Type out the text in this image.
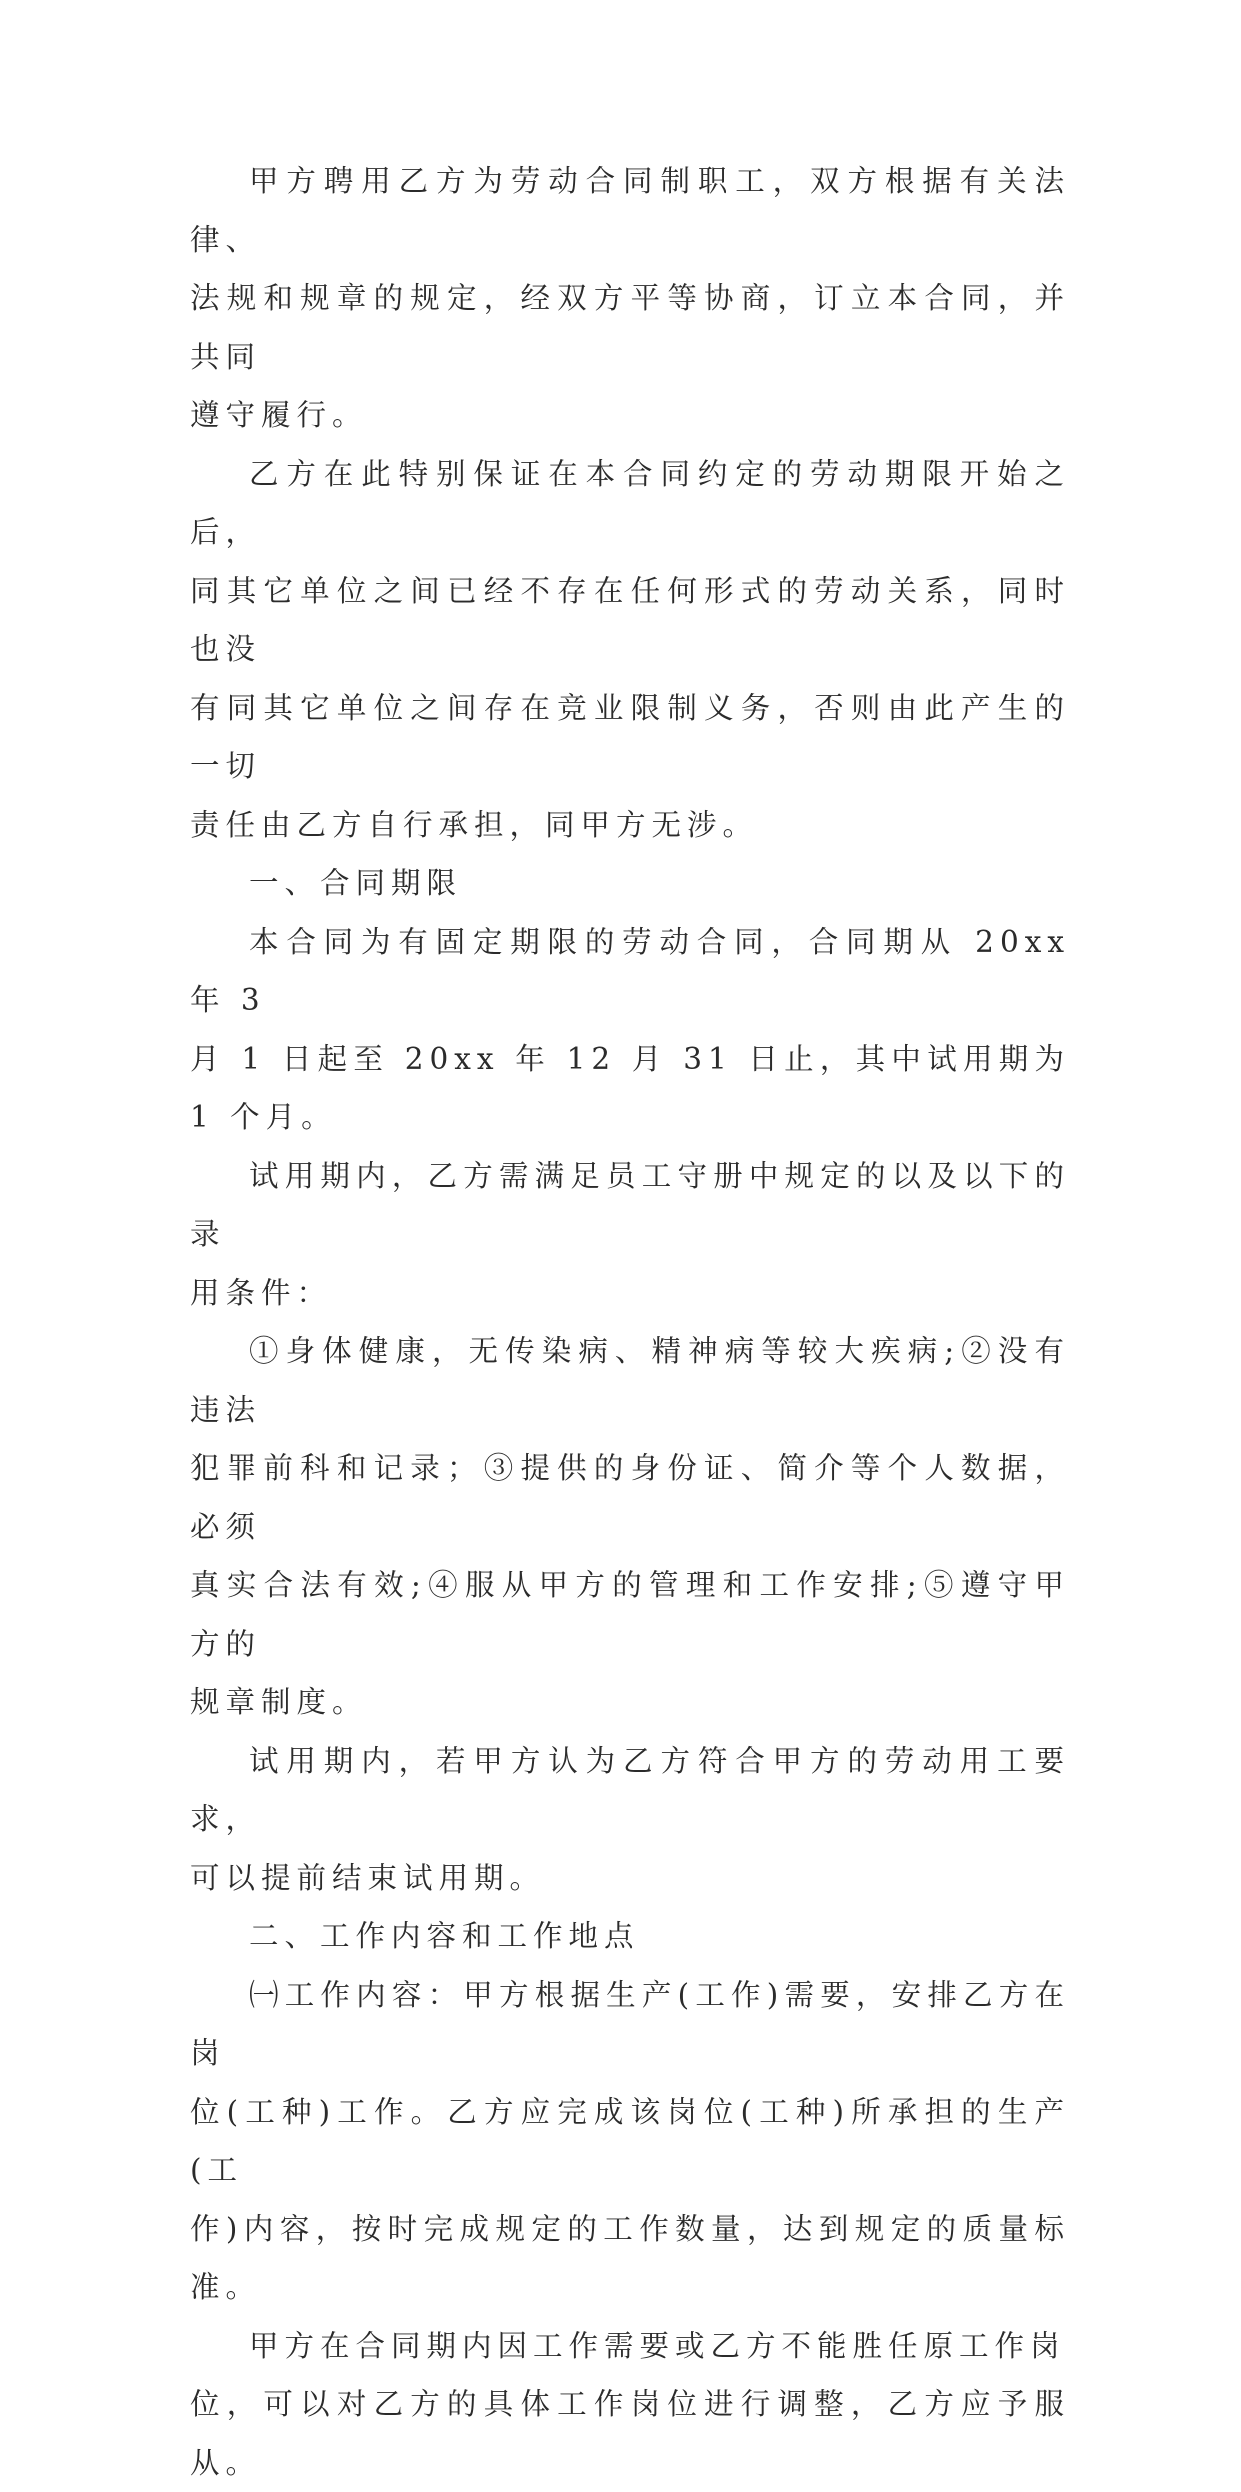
甲方聘用乙方为劳动合同制职工，双方根据有关法律、
法规和规章的规定，经双方平等协商，订立本合同，并共同
遵守履行。

乙方在此特别保证在本合同约定的劳动期限开始之后，
同其它单位之间已经不存在任何形式的劳动关系，同时也没
有同其它单位之间存在竞业限制义务，否则由此产生的一切
责任由乙方自行承担，同甲方无涉。

一、合同期限

本合同为有固定期限的劳动合同，合同期从 20xx 年 3
月 1 日起至 20xx 年 12 月 31 日止，其中试用期为 1 个月。

试用期内，乙方需满足员工守册中规定的以及以下的录
用条件：

①身体健康，无传染病、精神病等较大疾病;②没有违法
犯罪前科和记录；③提供的身份证、简介等个人数据，必须
真实合法有效;④服从甲方的管理和工作安排;⑤遵守甲方的
规章制度。

试用期内，若甲方认为乙方符合甲方的劳动用工要求，
可以提前结束试用期。

二、工作内容和工作地点

㈠工作内容：甲方根据生产(工作)需要，安排乙方在岗
位(工种)工作。乙方应完成该岗位(工种)所承担的生产(工
作)内容，按时完成规定的工作数量，达到规定的质量标准。

甲方在合同期内因工作需要或乙方不能胜任原工作岗
位，可以对乙方的具体工作岗位进行调整，乙方应予服从。
